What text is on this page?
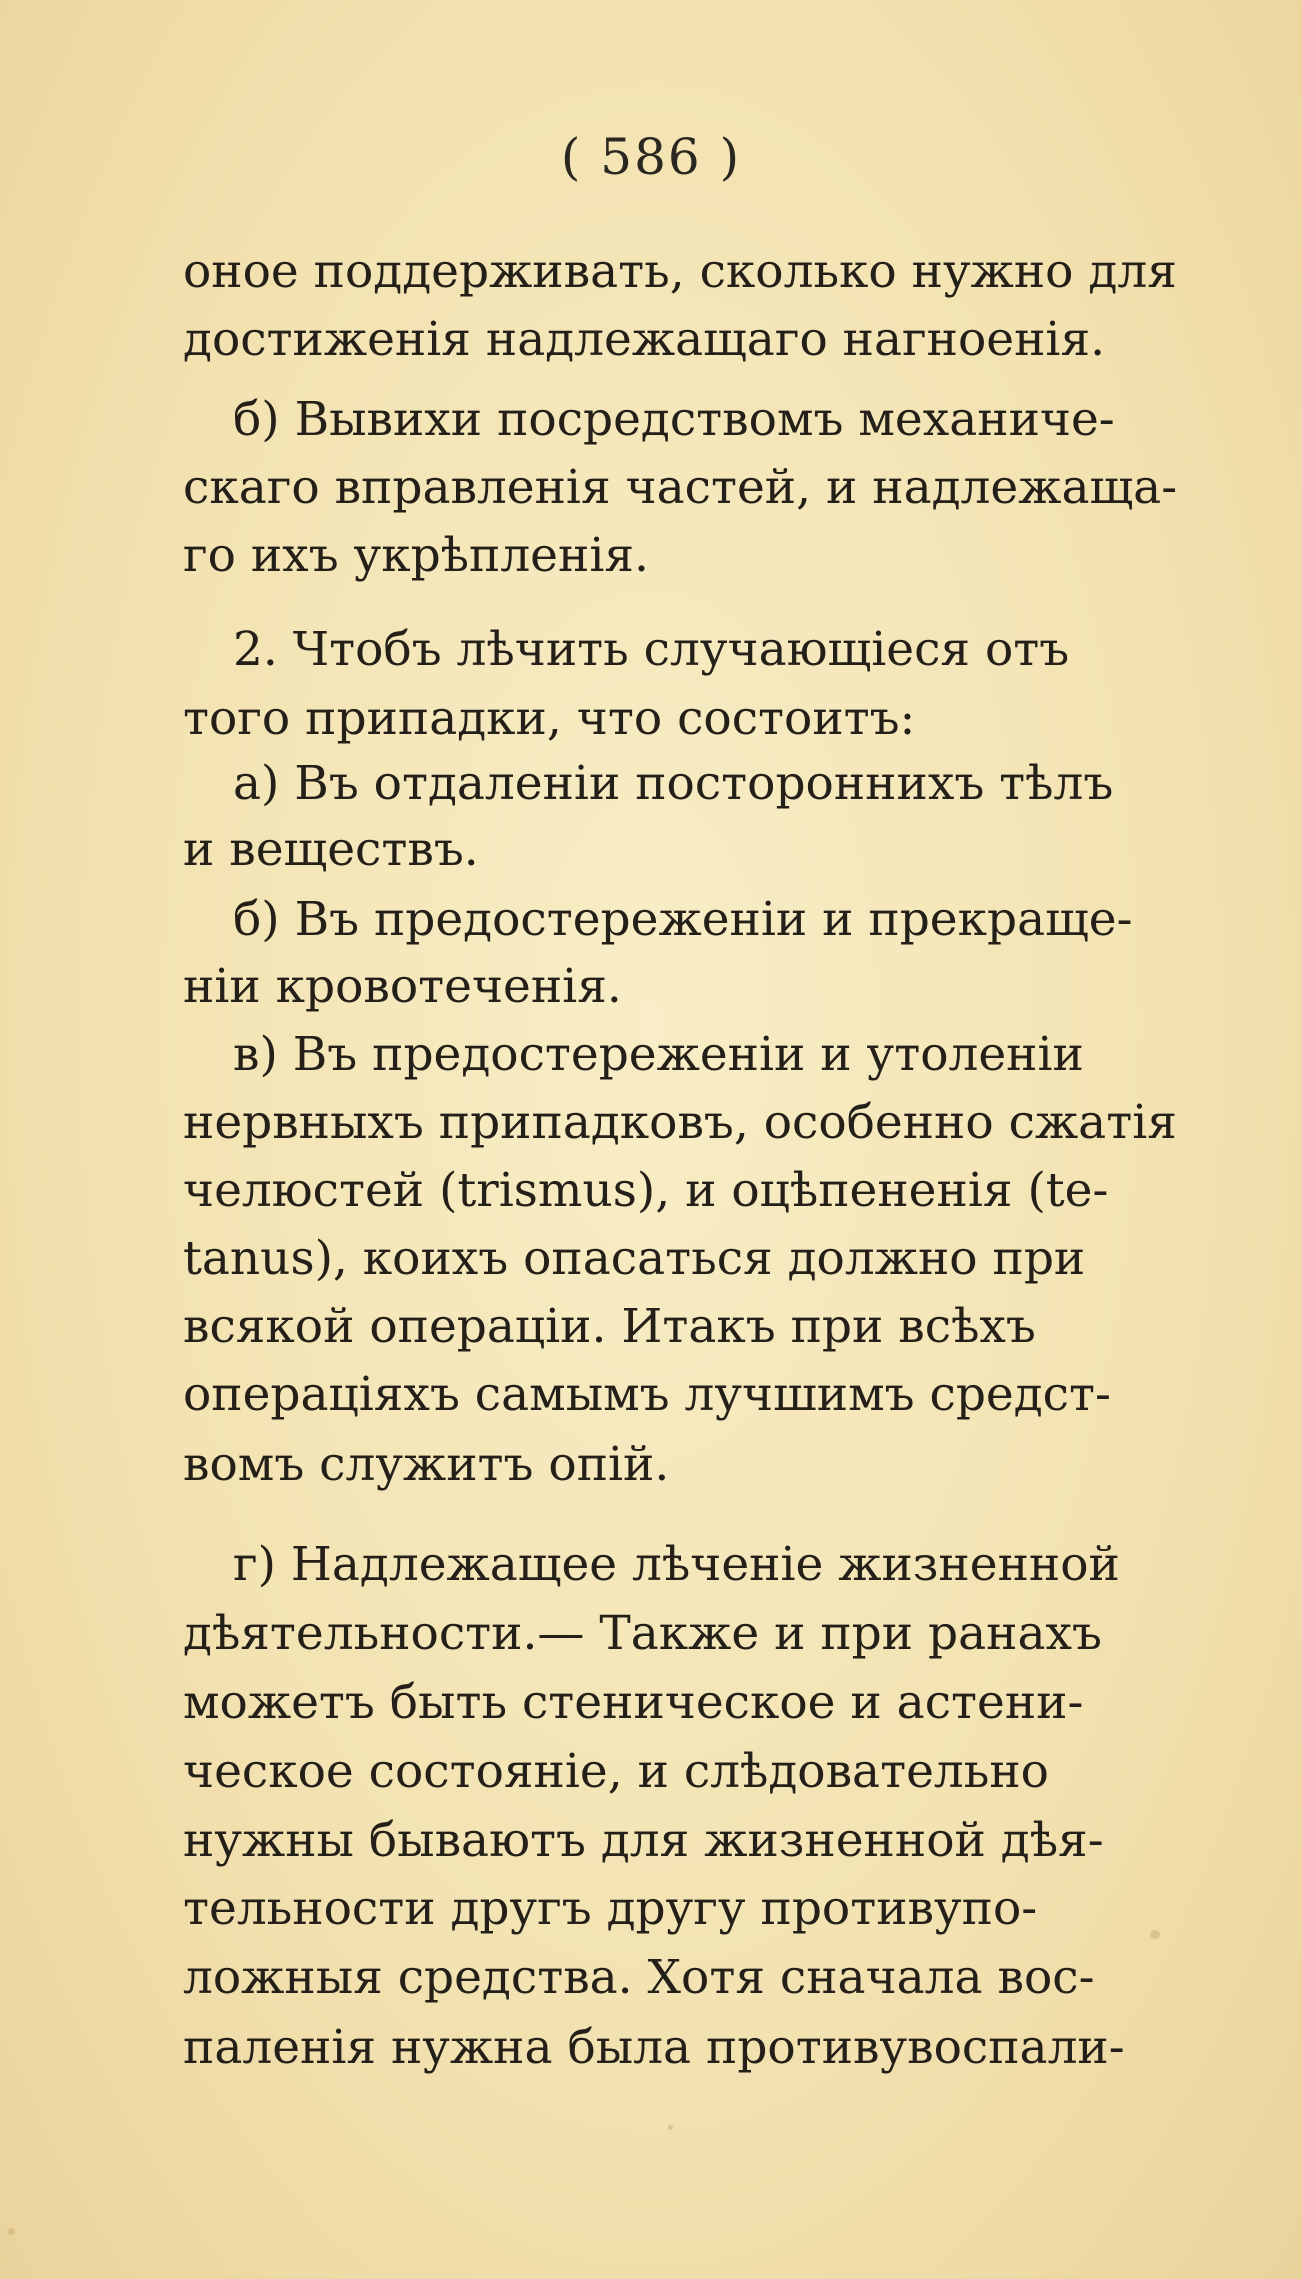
( 586 )
оное поддерживать, сколько нужно для
достиженія надлежащаго нагноенія.
б) Вывихи посредствомъ механиче-
скаго вправленія частей, и надлежаща-
го ихъ укрѣпленія.
2. Чтобъ лѣчить случающіеся отъ
того припадки, что состоитъ:
а) Въ отдаленіи постороннихъ тѣлъ
и веществъ.
б) Въ предостереженіи и прекраще-
ніи кровотеченія.
в) Въ предостереженіи и утоленіи
нервныхъ припадковъ, особенно сжатія
челюстей (trismus), и оцѣпененія (te-
tanus), коихъ опасаться должно при
всякой операціи. Итакъ при всѣхъ
операціяхъ самымъ лучшимъ средст-
вомъ служитъ опій.
г) Надлежащее лѣченіе жизненной
дѣятельности.— Также и при ранахъ
можетъ быть стеническое и астени-
ческое состояніе, и слѣдовательно
нужны бываютъ для жизненной дѣя-
тельности другъ другу противупо-
ложныя средства. Хотя сначала вос-
паленія нужна была противувоспали-
